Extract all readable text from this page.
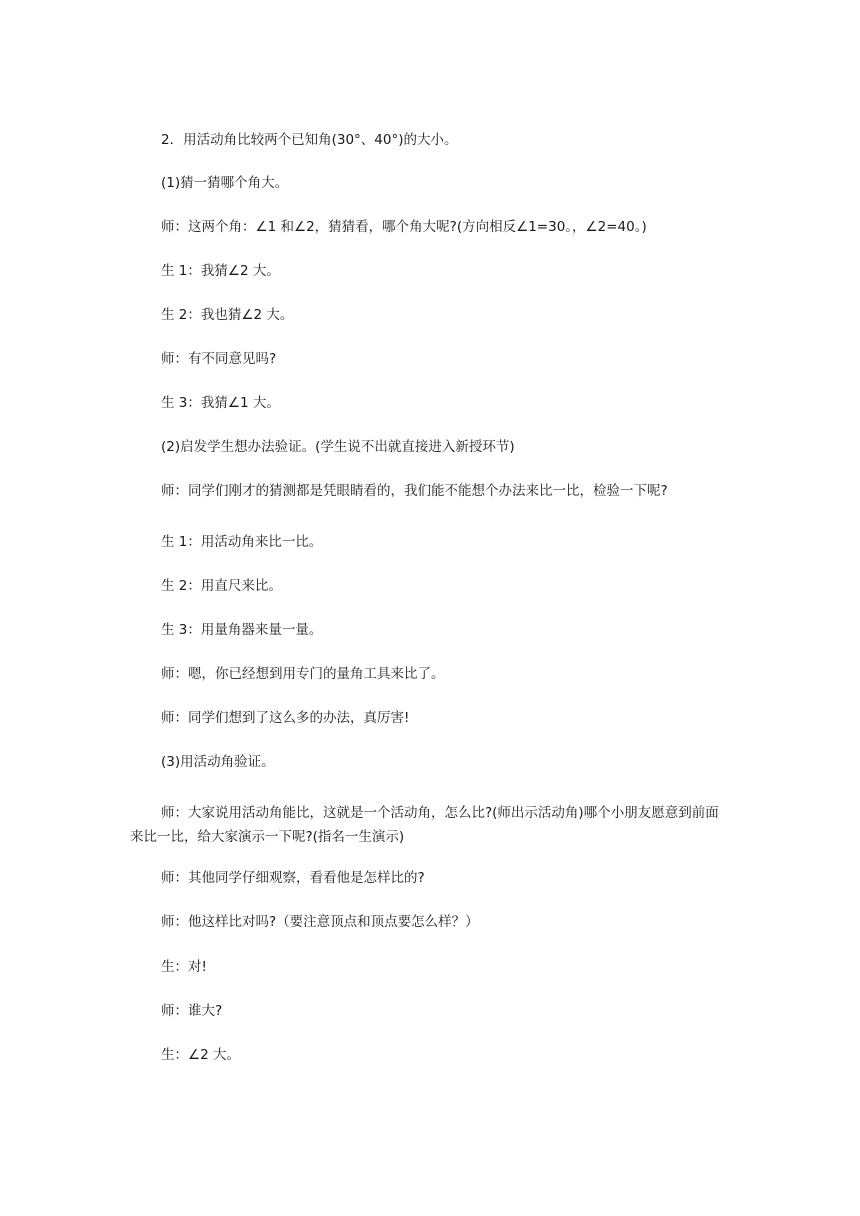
2．用活动角比较两个已知角(30°、40°)的大小。

(1)猜一猜哪个角大。

师：这两个角：∠1 和∠2，猜猜看，哪个角大呢?(方向相反∠1=30。，∠2=40。)

生 1：我猜∠2 大。

生 2：我也猜∠2 大。

师：有不同意见吗?

生 3：我猜∠1 大。

(2)启发学生想办法验证。(学生说不出就直接进入新授环节)

师：同学们刚才的猜测都是凭眼睛看的，我们能不能想个办法来比一比，检验一下呢?

生 1：用活动角来比一比。

生 2：用直尺来比。

生 3：用量角器来量一量。

师：嗯，你已经想到用专门的量角工具来比了。

师：同学们想到了这么多的办法，真厉害!

(3)用活动角验证。

师：大家说用活动角能比，这就是一个活动角，怎么比?(师出示活动角)哪个小朋友愿意到前面来比一比，给大家演示一下呢?(指名一生演示)

师：其他同学仔细观察，看看他是怎样比的?

师：他这样比对吗?（要注意顶点和顶点要怎么样？）

生：对!

师：谁大?

生：∠2 大。
